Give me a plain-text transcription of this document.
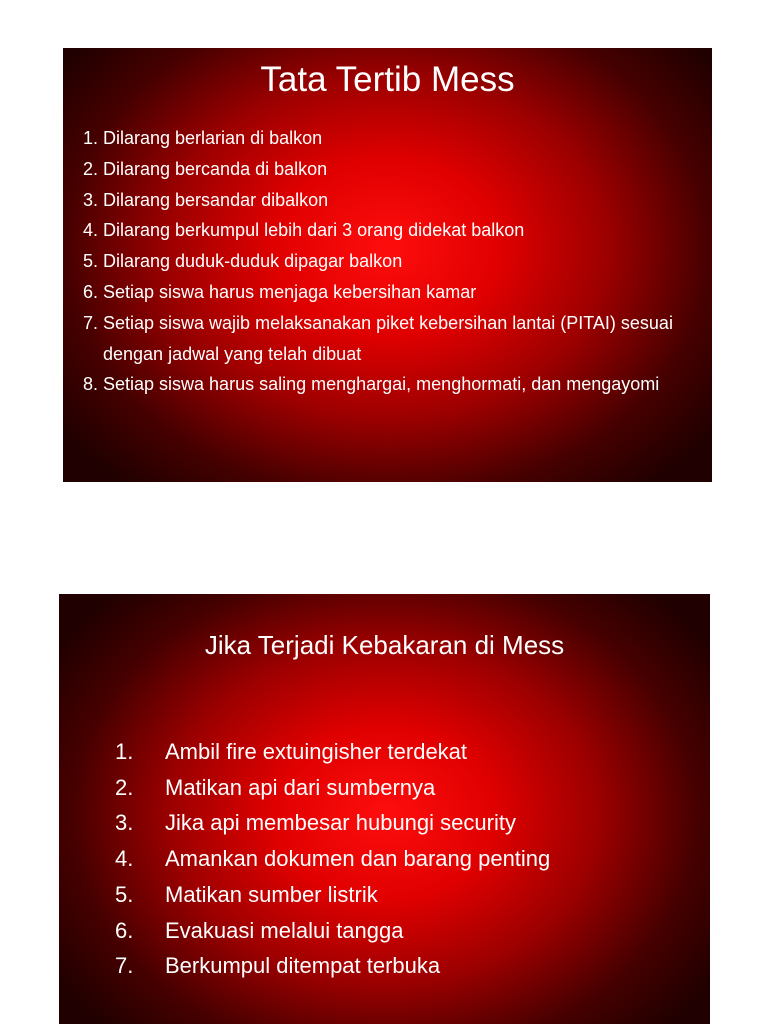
Tata Tertib Mess
1. Dilarang berlarian di balkon
2. Dilarang bercanda di balkon
3. Dilarang bersandar dibalkon
4. Dilarang berkumpul lebih dari 3 orang didekat balkon
5. Dilarang duduk-duduk dipagar balkon
6. Setiap siswa harus menjaga kebersihan kamar
7. Setiap siswa wajib melaksanakan piket kebersihan lantai (PITAI) sesuai dengan jadwal yang telah dibuat
8. Setiap siswa harus saling menghargai, menghormati, dan mengayomi
Jika Terjadi Kebakaran di Mess
1. Ambil fire extuingisher terdekat
2. Matikan api dari sumbernya
3. Jika api membesar hubungi security
4. Amankan dokumen dan barang penting
5. Matikan sumber listrik
6. Evakuasi melalui tangga
7. Berkumpul ditempat terbuka
